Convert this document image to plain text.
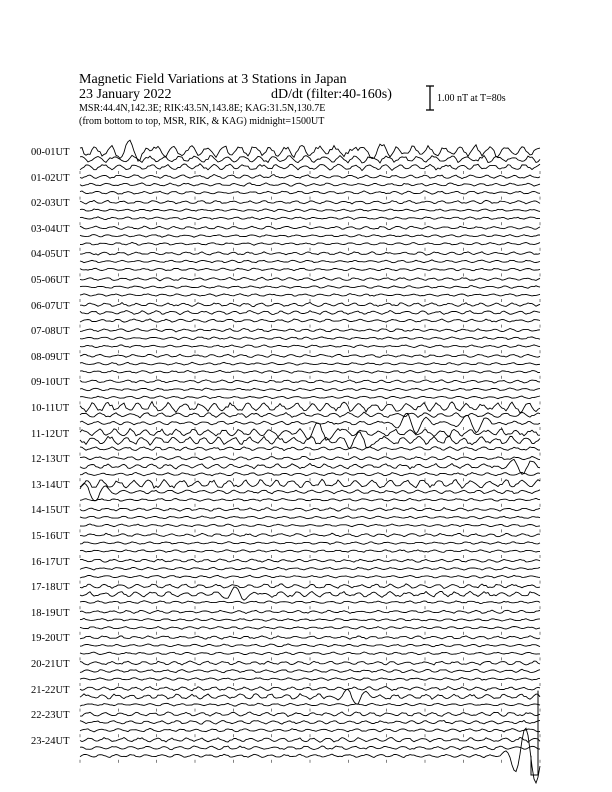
Magnetic Field Variations at 3 Stations in Japan
23 January 2022	dD/dt (filter:40-160s)
MSR:44.4N,142.3E; RIK:43.5N,143.8E; KAG:31.5N,130.7E
(from bottom to top, MSR, RIK, & KAG) midnight=1500UT
1.00 nT at T=80s
00-01UT
01-02UT
02-03UT
03-04UT
04-05UT
05-06UT
06-07UT
07-08UT
08-09UT
09-10UT
10-11UT
11-12UT
12-13UT
13-14UT
14-15UT
15-16UT
16-17UT
17-18UT
18-19UT
19-20UT
20-21UT
21-22UT
22-23UT
23-24UT
